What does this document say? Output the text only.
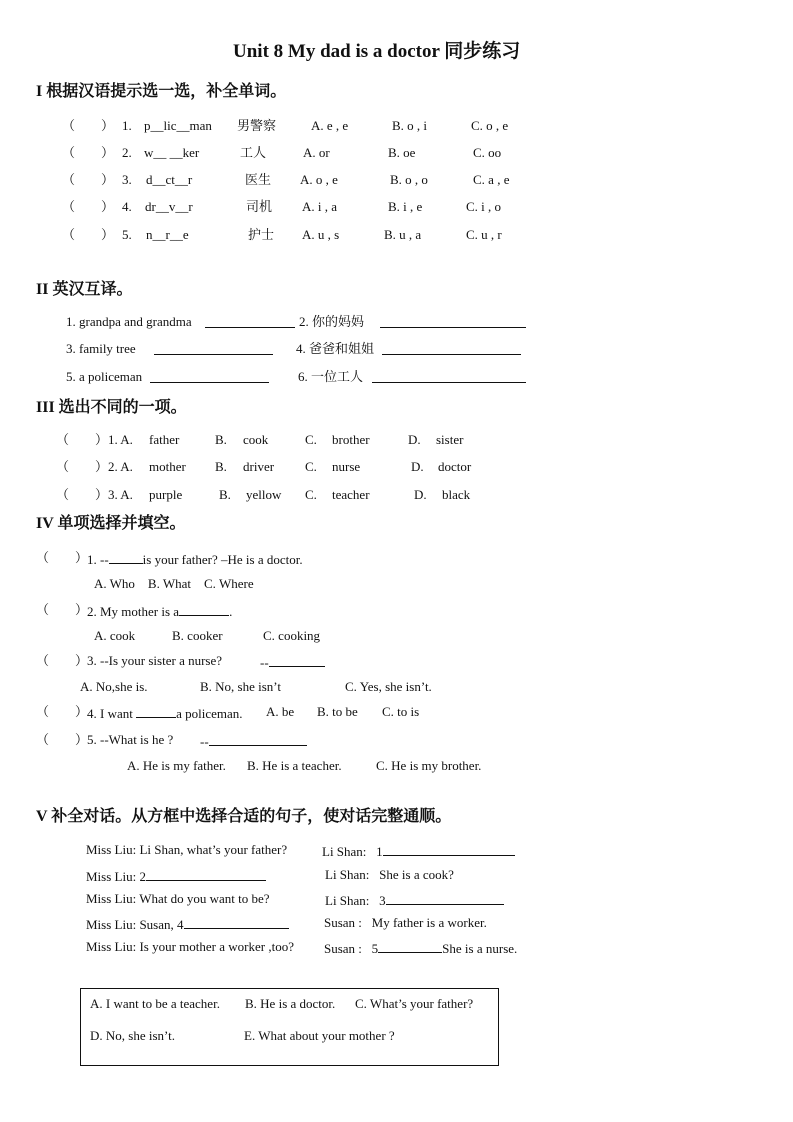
Unit 8 My dad is a doctor 同步练习
I 根据汉语提示选一选，补全单词。
（　　） 1. p__lic__man 男警察	A. e , e	B. o , i	C. o , e
（　　） 2. w__ __ker	工人	A. or	B. oe	C. oo
（　　） 3. d__ct__r	医生 A. o , e	B. o , o	C. a , e
（　　） 4. dr__v__r	司机 A. i , a	B. i , e	C. i , o
（　　） 5. n__r__e	护士 A. u , s	B. u , a	C. u , r
II 英汉互译。
1. grandpa and grandma	2. 你的妈妈
3. family tree	4. 爸爸和姐姐
5. a policeman	6. 一位工人
III 选出不同的一项。
（　　） 1. A. father	B. cook	C. brother	D. sister
（　　） 2. A. mother B. driver C. nurse	D. doctor
（　　） 3. A. purple	B. yellow C. teacher	D. black
IV 单项选择并填空。
（　　）
1. --	is your father? –He is a doctor.
A. Who    B. What    C. Where
（　　）
2. My mother is a	.
A. cook	B. cooker	C. cooking
（　　）
3. --Is your sister a nurse?	--
A. No,she is.	B. No, she isn’t	C. Yes, she isn’t.
（　　）
4. I want	a policeman. A. be B. to be C. to is
（　　）
5. --What is he ? --
A. He is my father. B. He is a teacher.	C. He is my brother.
V 补全对话。从方框中选择合适的句子，使对话完整通顺。
Miss Liu: Li Shan, what’s your father?	Li Shan:   1
Miss Liu: 2	Li Shan:   She is a cook?
Miss Liu: What do you want to be?	Li Shan:   3
Miss Liu: Susan, 4	Susan :   My father is a worker.
Miss Liu: Is your mother a worker ,too? Susan :   5	She is a nurse.
A. I want to be a teacher. B. He is a doctor. C. What’s your father?
D. No, she isn’t.	E. What about your mother ?
